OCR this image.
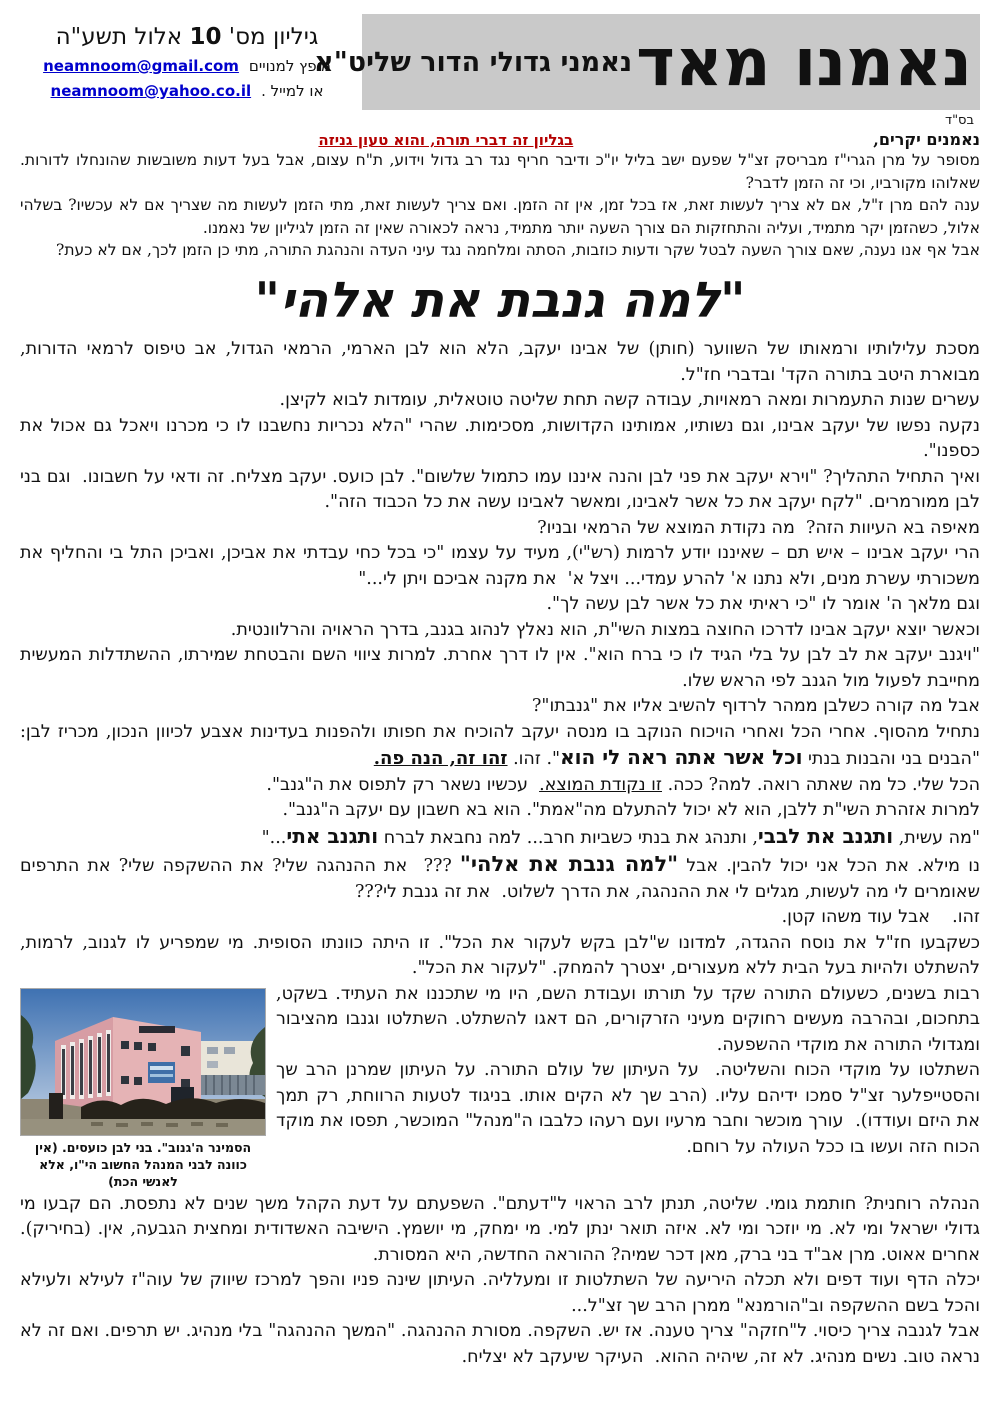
נאמנו מאד
נאמני גדולי הדור שליט"א
גיליון מס' 10 אלול תשע"ה
מופץ למנויים
neamnoom@gmail.com
או למייל .
neamnoom@yahoo.co.il
בס"ד
נאמנים יקרים,
בגליון זה דברי תורה, והוא טעון גניזה

מסופר על מרן הגרי"ז מבריסק זצ"ל שפעם ישב בליל יו"כ ודיבר חריף נגד רב גדול וידוע, ת"ח עצום, אבל בעל דעות משובשות שהונחלו לדורות. שאלוהו מקורביו, וכי זה הזמן לדבר?

ענה להם מרן ז"ל, אם לא צריך לעשות זאת, אז בכל זמן, אין זה הזמן. ואם צריך לעשות זאת, מתי הזמן לעשות מה שצריך אם לא עכשיו? בשלהי אלול, כשהזמן יקר מתמיד, ועליה והתחזקות הם צורך השעה יותר מתמיד, נראה לכאורה שאין זה הזמן לגיליון של נאמנו.

אבל אף אנו נענה, שאם צורך השעה לבטל שקר ודעות כוזבות, הסתה ומלחמה נגד עיני העדה והנהגת התורה, מתי כן הזמן לכך, אם לא כעת?

"למה גנבת את אלהי"

מסכת עלילותיו ורמאותו של השווער (חותן) של אבינו יעקב, הלא הוא לבן הארמי, הרמאי הגדול, אב טיפוס לרמאי הדורות, מבוארת היטב בתורה הקד' ובדברי חז"ל.

עשרים שנות התעמרות ומאה רמאויות, עבודה קשה תחת שליטה טוטאלית, עומדות לבוא לקיצן.

נקעה נפשו של יעקב אבינו, וגם נשותיו, אמותינו הקדושות, מסכימות. שהרי "הלא נכריות נחשבנו לו כי מכרנו ויאכל גם אכול את כספנו".

ואיך התחיל התהליך? "וירא יעקב את פני לבן והנה איננו עמו כתמול שלשום". לבן כועס. יעקב מצליח. זה ודאי על חשבונו.  וגם בני לבן ממורמרים. "לקח יעקב את כל אשר לאבינו, ומאשר לאבינו עשה את כל הכבוד הזה".

מאיפה בא העיוות הזה?  מה נקודת המוצא של הרמאי ובניו?

הרי יעקב אבינו – איש תם – שאיננו יודע לרמות (רש"י), מעיד על עצמו "כי בכל כחי עבדתי את אביכן, ואביכן התל בי והחליף את משכורתי עשרת מנים, ולא נתנו א' להרע עמדי... ויצל א'  את מקנה אביכם ויתן לי..."

וגם מלאך ה' אומר לו "כי ראיתי את כל אשר לבן עשה לך".

וכאשר יוצא יעקב אבינו לדרכו החוצה במצות השי"ת, הוא נאלץ לנהוג בגנב, בדרך הראויה והרלוונטית.

"ויגנב יעקב את לב לבן על בלי הגיד לו כי ברח הוא". אין לו דרך אחרת. למרות ציווי השם והבטחת שמירתו, ההשתדלות המעשית מחייבת לפעול מול הגנב לפי הראש שלו.

אבל מה קורה כשלבן ממהר לרדוף להשיב אליו את "גנבתו"?

נתחיל מהסוף. אחרי הכל ואחרי הויכוח הנוקב בו מנסה יעקב להוכיח את חפותו ולהפנות בעדינות אצבע לכיוון הנכון, מכריז לבן: "הבנים בני והבנות בנתי וכל אשר אתה ראה לי הוא". זהו. זהו זה, הנה פה.

הכל שלי. כל מה שאתה רואה. למה? ככה. זו נקודת המוצא.  עכשיו נשאר רק לתפוס את ה"גנב".

למרות אזהרת השי"ת ללבן, הוא לא יכול להתעלם מה"אמת". הוא בא חשבון עם יעקב ה"גנב".

"מה עשית, ותגנב את לבבי, ותנהג את בנתי כשביות חרב... למה נחבאת לברח ותגנב אתי..."

נו מילא. את הכל אני יכול להבין. אבל "למה גנבת את אלהי" ???  את ההנהגה שלי? את ההשקפה שלי? את התרפים שאומרים לי מה לעשות, מגלים לי את ההנהגה, את הדרך לשלוט.  את זה גנבת לי???

זהו.    אבל עוד משהו קטן.

כשקבעו חז"ל את נוסח ההגדה, למדונו ש"לבן בקש לעקור את הכל". זו היתה כוונתו הסופית. מי שמפריע לו לגנוב, לרמות, להשתלט ולהיות בעל הבית ללא מעצורים, יצטרך להמחק. "לעקור את הכל".

הסמינר ה'גנוב". בני לבן כועסים. (אין כוונה לבני המנהל החשוב הי"ו, אלא לאנשי הכת)

רבות בשנים, כשעולם התורה שקד על תורתו ועבודת השם, היו מי שתכננו את העתיד. בשקט, בתחכום, ובהרבה מעשים רחוקים מעיני הזרקורים, הם דאגו להשתלט. השתלטו וגנבו מהציבור ומגדולי התורה את מוקדי ההשפעה.

השתלטו על מוקדי הכוח והשליטה.  על העיתון של עולם התורה. על העיתון שמרנן הרב שך והסטייפלער זצ"ל סמכו ידיהם עליו. (הרב שך לא הקים אותו. בניגוד לטעות הרווחת, רק תמך את היזם ועודדו).  עורך מוכשר וחבר מרעיו ועם רעהו כלבבו ה"מנהל" המוכשר, תפסו את מוקד הכוח הזה ועשו בו ככל העולה על רוחם.

הנהלה רוחנית? חותמת גומי. שליטה, תנתן לרב הראוי ל"דעתם". השפעתם על דעת הקהל משך שנים לא נתפסת. הם קבעו מי גדולי ישראל ומי לא. מי יוזכר ומי לא. איזה תואר ינתן למי. מי ימחק, מי יושמץ. הישיבה האשדודית ומחצית הגבעה, אין. (בחיריק). אחרים אאוט. מרן אב"ד בני ברק, מאן דכר שמיה? ההוראה החדשה, היא המסורת.

יכלה הדף ועוד דפים ולא תכלה היריעה של השתלטות זו ומעלליה. העיתון שינה פניו והפך למרכז שיווק של עוה"ז לעילא ולעילא והכל בשם ההשקפה וב"הורמנא" ממרן הרב שך זצ"ל...

אבל לגנבה צריך כיסוי. ל"חזקה" צריך טענה. אז יש. השקפה. מסורת ההנהגה. "המשך ההנהגה" בלי מנהיג. יש תרפים. ואם זה לא נראה טוב. נשים מנהיג. לא זה, שיהיה ההוא.  העיקר שיעקב לא יצליח.
